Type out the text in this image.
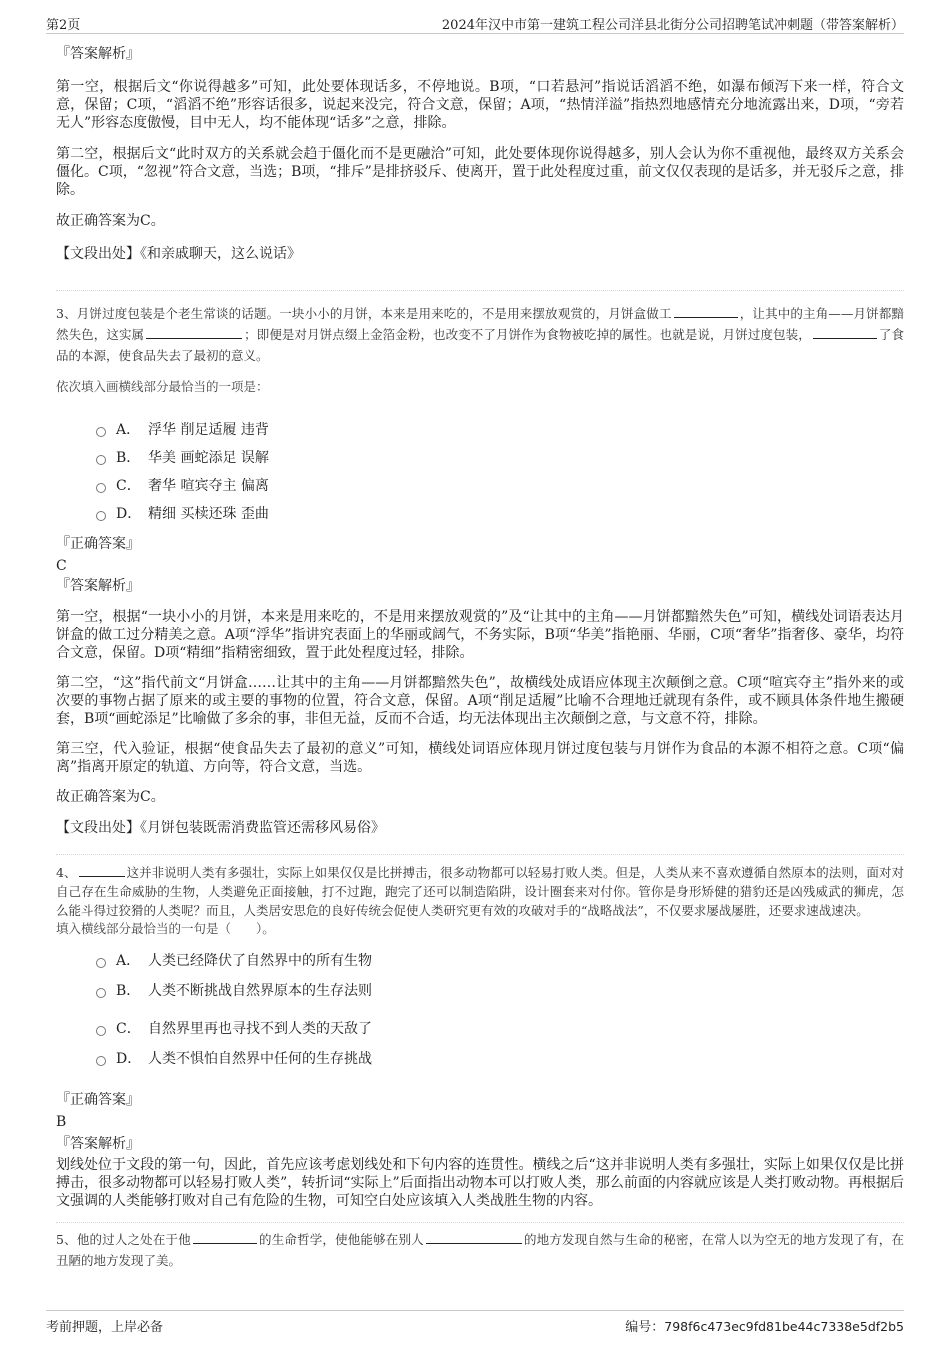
第2页	2024年汉中市第一建筑工程公司洋县北街分公司招聘笔试冲刺题（带答案解析）
『答案解析』

第一空，根据后文“你说得越多”可知，此处要体现话多，不停地说。B项，“口若悬河”指说话滔滔不绝，如瀑布倾泻下来一样，符合文意，保留；C项，“滔滔不绝”形容话很多，说起来没完，符合文意，保留；A项，“热情洋溢”指热烈地感情充分地流露出来，D项，“旁若无人”形容态度傲慢，目中无人，均不能体现“话多”之意，排除。

第二空，根据后文“此时双方的关系就会趋于僵化而不是更融洽”可知，此处要体现你说得越多，别人会认为你不重视他，最终双方关系会僵化。C项，“忽视”符合文意，当选；B项，“排斥”是排挤驳斥、使离开，置于此处程度过重，前文仅仅表现的是话多，并无驳斥之意，排除。

故正确答案为C。

【文段出处】《和亲戚聊天，这么说话》

3、月饼过度包装是个老生常谈的话题。一块小小的月饼，本来是用来吃的，不是用来摆放观赏的，月饼盒做工	，让其中的主角——月饼都黯然失色，这实属	；即便是对月饼点缀上金箔金粉，也改变不了月饼作为食物被吃掉的属性。也就是说，月饼过度包装，	了食品的本源，使食品失去了最初的意义。

依次填入画横线部分最恰当的一项是：
A． 浮华 削足适履 违背
B． 华美 画蛇添足 误解
C． 奢华 喧宾夺主 偏离
D． 精细 买椟还珠 歪曲
『正确答案』
C
『答案解析』

第一空，根据“一块小小的月饼，本来是用来吃的，不是用来摆放观赏的”及“让其中的主角——月饼都黯然失色”可知，横线处词语表达月饼盒的做工过分精美之意。A项“浮华”指讲究表面上的华丽或阔气，不务实际，B项“华美”指艳丽、华丽，C项“奢华”指奢侈、豪华，均符合文意，保留。D项“精细”指精密细致，置于此处程度过轻，排除。

第二空，“这”指代前文“月饼盒……让其中的主角——月饼都黯然失色”，故横线处成语应体现主次颠倒之意。C项“喧宾夺主”指外来的或次要的事物占据了原来的或主要的事物的位置，符合文意，保留。A项“削足适履”比喻不合理地迁就现有条件，或不顾具体条件地生搬硬套，B项“画蛇添足”比喻做了多余的事，非但无益，反而不合适，均无法体现出主次颠倒之意，与文意不符，排除。

第三空，代入验证，根据“使食品失去了最初的意义”可知，横线处词语应体现月饼过度包装与月饼作为食品的本源不相符之意。C项“偏离”指离开原定的轨道、方向等，符合文意，当选。

故正确答案为C。

【文段出处】《月饼包装既需消费监管还需移风易俗》

4、	这并非说明人类有多强壮，实际上如果仅仅是比拼搏击，很多动物都可以轻易打败人类。但是，人类从来不喜欢遵循自然原本的法则，面对对自己存在生命威胁的生物，人类避免正面接触，打不过跑，跑完了还可以制造陷阱，设计圈套来对付你。管你是身形矫健的猎豹还是凶残威武的狮虎，怎么能斗得过狡猾的人类呢？而且，人类居安思危的良好传统会促使人类研究更有效的攻破对手的“战略战法”，不仅要求屡战屡胜，还要求速战速决。

填入横线部分最恰当的一句是（　　）。
A． 人类已经降伏了自然界中的所有生物
B． 人类不断挑战自然界原本的生存法则
C． 自然界里再也寻找不到人类的天敌了
D． 人类不惧怕自然界中任何的生存挑战
『正确答案』
B
『答案解析』

划线处位于文段的第一句，因此，首先应该考虑划线处和下句内容的连贯性。横线之后“这并非说明人类有多强壮，实际上如果仅仅是比拼搏击，很多动物都可以轻易打败人类”，转折词“实际上”后面指出动物本可以打败人类，那么前面的内容就应该是人类打败动物。再根据后文强调的人类能够打败对自己有危险的生物，可知空白处应该填入人类战胜生物的内容。

5、他的过人之处在于他	的生命哲学，使他能够在别人	的地方发现自然与生命的秘密，在常人以为空无的地方发现了有，在丑陋的地方发现了美。

考前押题，上岸必备	编号：798f6c473ec9fd81be44c7338e5df2b5
